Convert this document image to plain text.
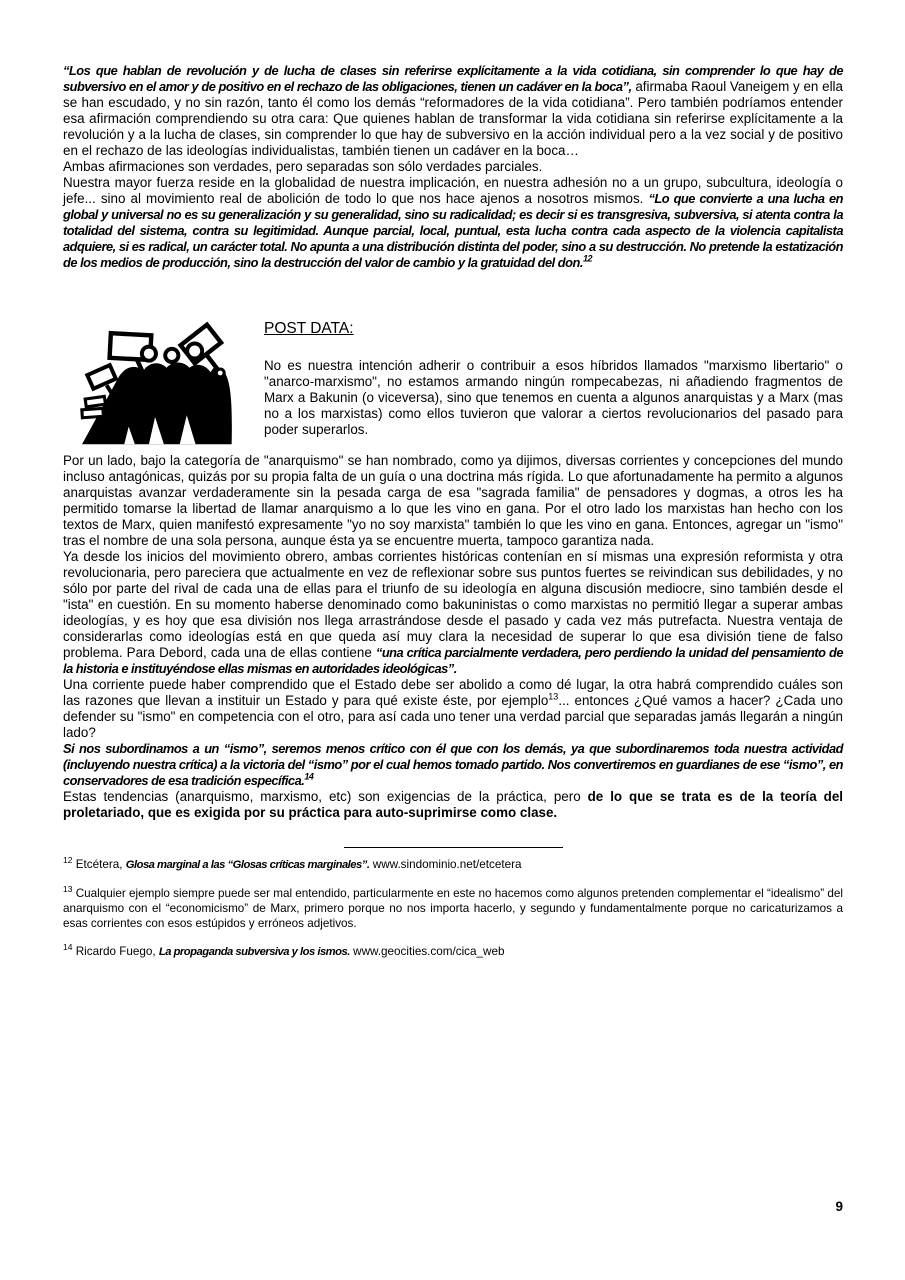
“Los que hablan de revolución y de lucha de clases sin referirse explícitamente a la vida cotidiana, sin comprender lo que hay de subversivo en el amor y de positivo en el rechazo de las obligaciones, tienen un cadáver en la boca”, afirmaba Raoul Vaneigem y en ella se han escudado, y no sin razón, tanto él como los demás “reformadores de la vida cotidiana”. Pero también podríamos entender esa afirmación comprendiendo su otra cara: Que quienes hablan de transformar la vida cotidiana sin referirse explícitamente a la revolución y a la lucha de clases, sin comprender lo que hay de subversivo en la acción individual pero a la vez social y de positivo en el rechazo de las ideologías individualistas, también tienen un cadáver en la boca…

Ambas afirmaciones son verdades, pero separadas son sólo verdades parciales.

Nuestra mayor fuerza reside en la globalidad de nuestra implicación, en nuestra adhesión no a un grupo, subcultura, ideología o jefe... sino al movimiento real de abolición de todo lo que nos hace ajenos a nosotros mismos. “Lo que convierte a una lucha en global y universal no es su generalización y su generalidad, sino su radicalidad; es decir si es transgresiva, subversiva, si atenta contra la totalidad del sistema, contra su legitimidad. Aunque parcial, local, puntual, esta lucha contra cada aspecto de la violencia capitalista adquiere, si es radical, un carácter total. No apunta a una distribución distinta del poder, sino a su destrucción. No pretende la estatización de los medios de producción, sino la destrucción del valor de cambio y la gratuidad del don.$^{12}$

POST DATA:

No es nuestra intención adherir o contribuir a esos híbridos llamados "marxismo libertario" o "anarco-marxismo", no estamos armando ningún rompecabezas, ni añadiendo fragmentos de Marx a Bakunin (o viceversa), sino que tenemos en cuenta a algunos anarquistas y a Marx (mas no a los marxistas) como ellos tuvieron que valorar a ciertos revolucionarios del pasado para poder superarlos.

Por un lado, bajo la categoría de "anarquismo" se han nombrado, como ya dijimos, diversas corrientes y concepciones del mundo incluso antagónicas, quizás por su propia falta de un guía o una doctrina más rígida. Lo que afortunadamente ha permito a algunos anarquistas avanzar verdaderamente sin la pesada carga de esa "sagrada familia" de pensadores y dogmas, a otros les ha permitido tomarse la libertad de llamar anarquismo a lo que les vino en gana. Por el otro lado los marxistas han hecho con los textos de Marx, quien manifestó expresamente "yo no soy marxista" también lo que les vino en gana. Entonces, agregar un "ismo" tras el nombre de una sola persona, aunque ésta ya se encuentre muerta, tampoco garantiza nada.

Ya desde los inicios del movimiento obrero, ambas corrientes históricas contenían en sí mismas una expresión reformista y otra revolucionaria, pero pareciera que actualmente en vez de reflexionar sobre sus puntos fuertes se reivindican sus debilidades, y no sólo por parte del rival de cada una de ellas para el triunfo de su ideología en alguna discusión mediocre, sino también desde el "ista" en cuestión. En su momento haberse denominado como bakuninistas o como marxistas no permitió llegar a superar ambas ideologías, y es hoy que esa división nos llega arrastrándose desde el pasado y cada vez más putrefacta. Nuestra ventaja de considerarlas como ideologías está en que queda así muy clara la necesidad de superar lo que esa división tiene de falso problema. Para Debord, cada una de ellas contiene “una crítica parcialmente verdadera, pero perdiendo la unidad del pensamiento de la historia e instituyéndose ellas mismas en autoridades ideológicas”.

Una corriente puede haber comprendido que el Estado debe ser abolido a como dé lugar, la otra habrá comprendido cuáles son las razones que llevan a instituir un Estado y para qué existe éste, por ejemplo$^{13}$... entonces ¿Qué vamos a hacer? ¿Cada uno defender su "ismo" en competencia con el otro, para así cada uno tener una verdad parcial que separadas jamás llegarán a ningún lado?

Si nos subordinamos a un “ismo”, seremos menos crítico con él que con los demás, ya que subordinaremos toda nuestra actividad (incluyendo nuestra crítica) a la victoria del “ismo” por el cual hemos tomado partido. Nos convertiremos en guardianes de ese “ismo”, en conservadores de esa tradición específica.$^{14}$

Estas tendencias (anarquismo, marxismo, etc) son exigencias de la práctica, pero de lo que se trata es de la teoría del proletariado, que es exigida por su práctica para auto-suprimirse como clase.

$^{12}$ Etcétera, Glosa marginal a las “Glosas críticas marginales”. www.sindominio.net/etcetera
$^{13}$ Cualquier ejemplo siempre puede ser mal entendido, particularmente en este no hacemos como algunos pretenden complementar el “idealismo” del anarquismo con el “economicismo” de Marx, primero porque no nos importa hacerlo, y segundo y fundamentalmente porque no caricaturizamos a esas corrientes con esos estúpidos y erróneos adjetivos.
$^{14}$ Ricardo Fuego, La propaganda subversiva y los ismos. www.geocities.com/cica_web
9
